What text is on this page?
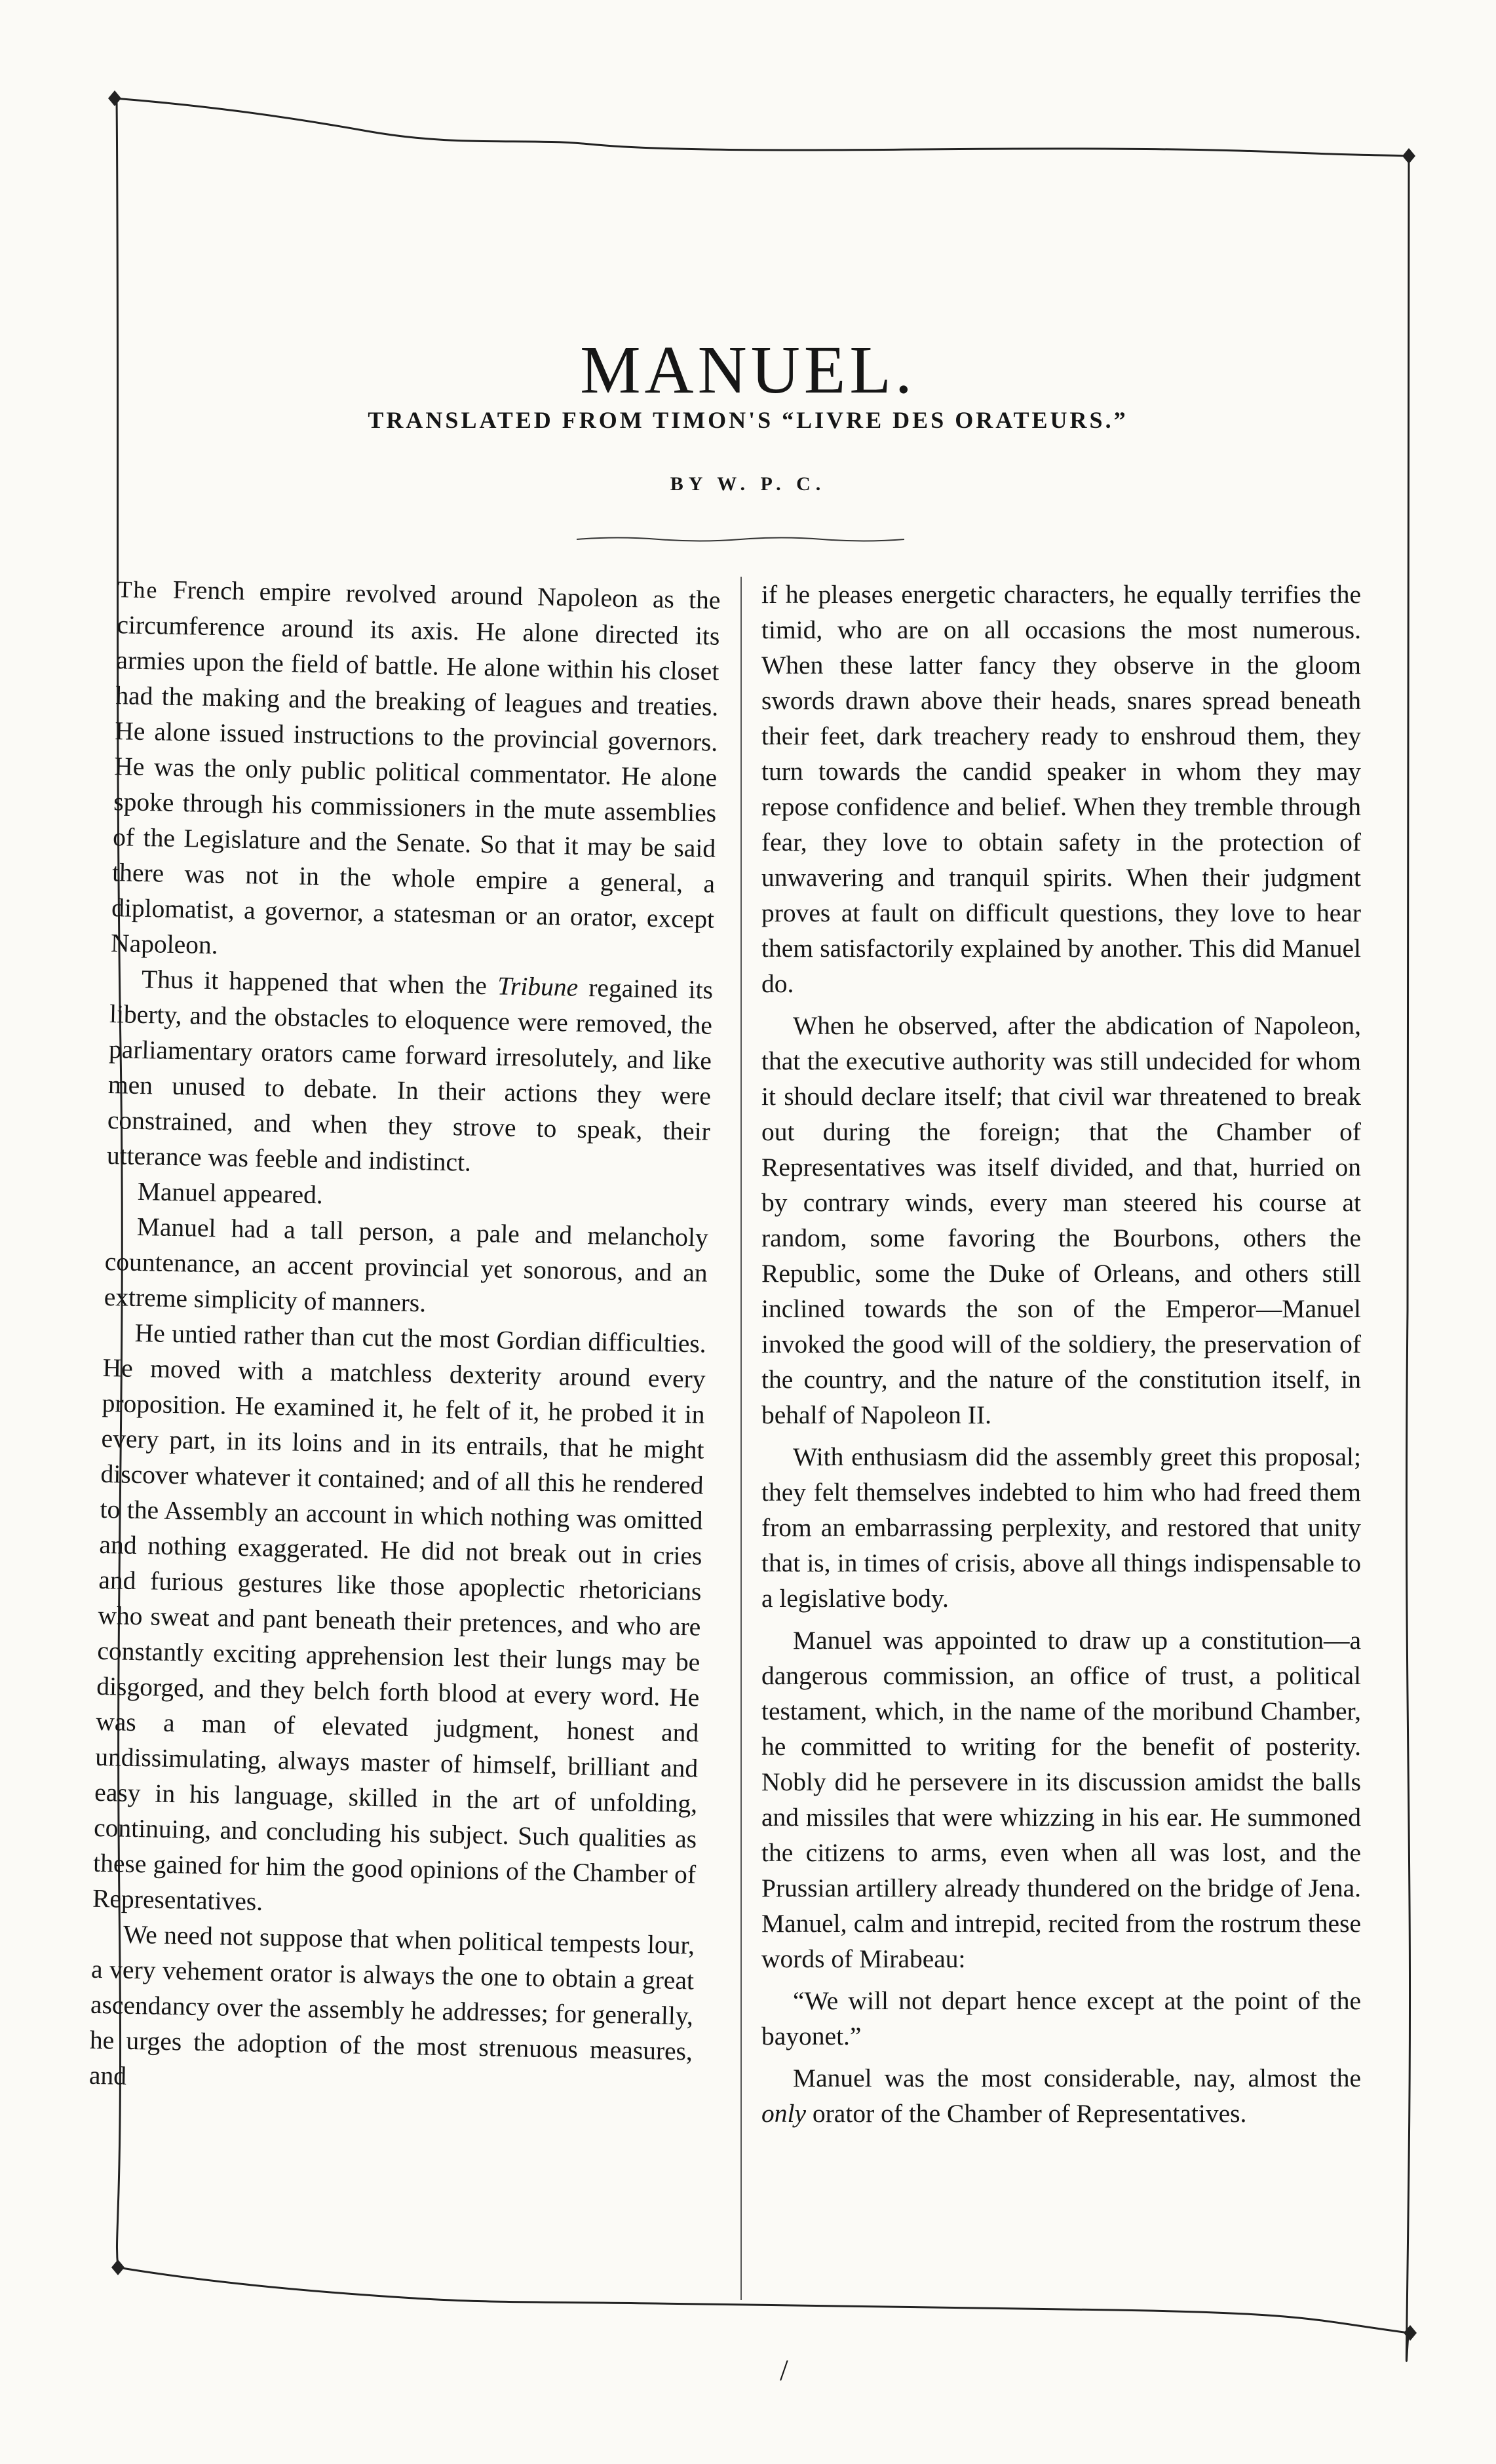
MANUEL.
TRANSLATED FROM TIMON'S “LIVRE DES ORATEURS.”
BY W. P. C.

The French empire revolved around Napoleon as the circumference around its axis. He alone directed its armies upon the field of battle. He alone within his closet had the making and the breaking of leagues and treaties. He alone issued instructions to the provincial governors. He was the only public political commentator. He alone spoke through his commissioners in the mute assemblies of the Legislature and the Senate. So that it may be said there was not in the whole empire a general, a diplomatist, a governor, a statesman or an orator, except Napoleon.

Thus it happened that when the Tribune regained its liberty, and the obstacles to eloquence were removed, the parliamentary orators came forward irresolutely, and like men unused to debate. In their actions they were constrained, and when they strove to speak, their utterance was feeble and indistinct.

Manuel appeared.

Manuel had a tall person, a pale and melancholy countenance, an accent provincial yet sonorous, and an extreme simplicity of manners.

He untied rather than cut the most Gordian difficulties. He moved with a matchless dexterity around every proposition. He examined it, he felt of it, he probed it in every part, in its loins and in its entrails, that he might discover whatever it contained; and of all this he rendered to the Assembly an account in which nothing was omitted and nothing exaggerated. He did not break out in cries and furious gestures like those apoplectic rhetoricians who sweat and pant beneath their pretences, and who are constantly exciting apprehension lest their lungs may be disgorged, and they belch forth blood at every word. He was a man of elevated judgment, honest and undissimulating, always master of himself, brilliant and easy in his language, skilled in the art of unfolding, continuing, and concluding his subject. Such qualities as these gained for him the good opinions of the Chamber of Representatives.

We need not suppose that when political tempests lour, a very vehement orator is always the one to obtain a great ascendancy over the assembly he addresses; for generally, he urges the adoption of the most strenuous measures, and

if he pleases energetic characters, he equally terrifies the timid, who are on all occasions the most numerous. When these latter fancy they observe in the gloom swords drawn above their heads, snares spread beneath their feet, dark treachery ready to enshroud them, they turn towards the candid speaker in whom they may repose confidence and belief. When they tremble through fear, they love to obtain safety in the protection of unwavering and tranquil spirits. When their judgment proves at fault on difficult questions, they love to hear them satisfactorily explained by another. This did Manuel do.

When he observed, after the abdication of Napoleon, that the executive authority was still undecided for whom it should declare itself; that civil war threatened to break out during the foreign; that the Chamber of Representatives was itself divided, and that, hurried on by contrary winds, every man steered his course at random, some favoring the Bourbons, others the Republic, some the Duke of Orleans, and others still inclined towards the son of the Emperor—Manuel invoked the good will of the soldiery, the preservation of the country, and the nature of the constitution itself, in behalf of Napoleon II.

With enthusiasm did the assembly greet this proposal; they felt themselves indebted to him who had freed them from an embarrassing perplexity, and restored that unity that is, in times of crisis, above all things indispensable to a legislative body.

Manuel was appointed to draw up a constitution—a dangerous commission, an office of trust, a political testament, which, in the name of the moribund Chamber, he committed to writing for the benefit of posterity. Nobly did he persevere in its discussion amidst the balls and missiles that were whizzing in his ear. He summoned the citizens to arms, even when all was lost, and the Prussian artillery already thundered on the bridge of Jena. Manuel, calm and intrepid, recited from the rostrum these words of Mirabeau:

“We will not depart hence except at the point of the bayonet.”

Manuel was the most considerable, nay, almost the only orator of the Chamber of Representatives.

/
